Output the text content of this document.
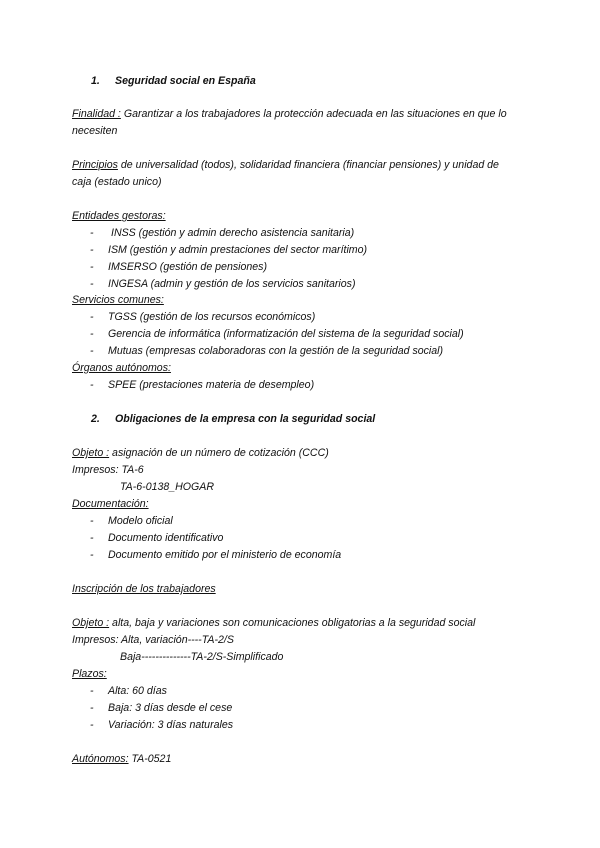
1. Seguridad social en España
Finalidad : Garantizar a los trabajadores la protección adecuada en las situaciones en que lo
necesiten
Principios de universalidad (todos), solidaridad financiera (financiar pensiones) y unidad de
caja (estado unico)
Entidades gestoras:
- INSS (gestión y admin derecho asistencia sanitaria)
- ISM (gestión y admin prestaciones del sector marítimo)
- IMSERSO (gestión de pensiones)
- INGESA (admin y gestión de los servicios sanitarios)
Servicios comunes:
- TGSS (gestión de los recursos económicos)
- Gerencia de informática (informatización del sistema de la seguridad social)
- Mutuas (empresas colaboradoras con la gestión de la seguridad social)
Órganos autónomos:
- SPEE (prestaciones materia de desempleo)
2. Obligaciones de la empresa con la seguridad social
Objeto : asignación de un número de cotización (CCC)
Impresos: TA-6
TA-6-0138_HOGAR
Documentación:
- Modelo oficial
- Documento identificativo
- Documento emitido por el ministerio de economía
Inscripción de los trabajadores
Objeto : alta, baja y variaciones son comunicaciones obligatorias a la seguridad social
Impresos: Alta, variación----TA-2/S
Baja--------------TA-2/S-Simplificado
Plazos:
- Alta: 60 días
- Baja: 3 días desde el cese
- Variación: 3 días naturales
Autónomos: TA-0521
